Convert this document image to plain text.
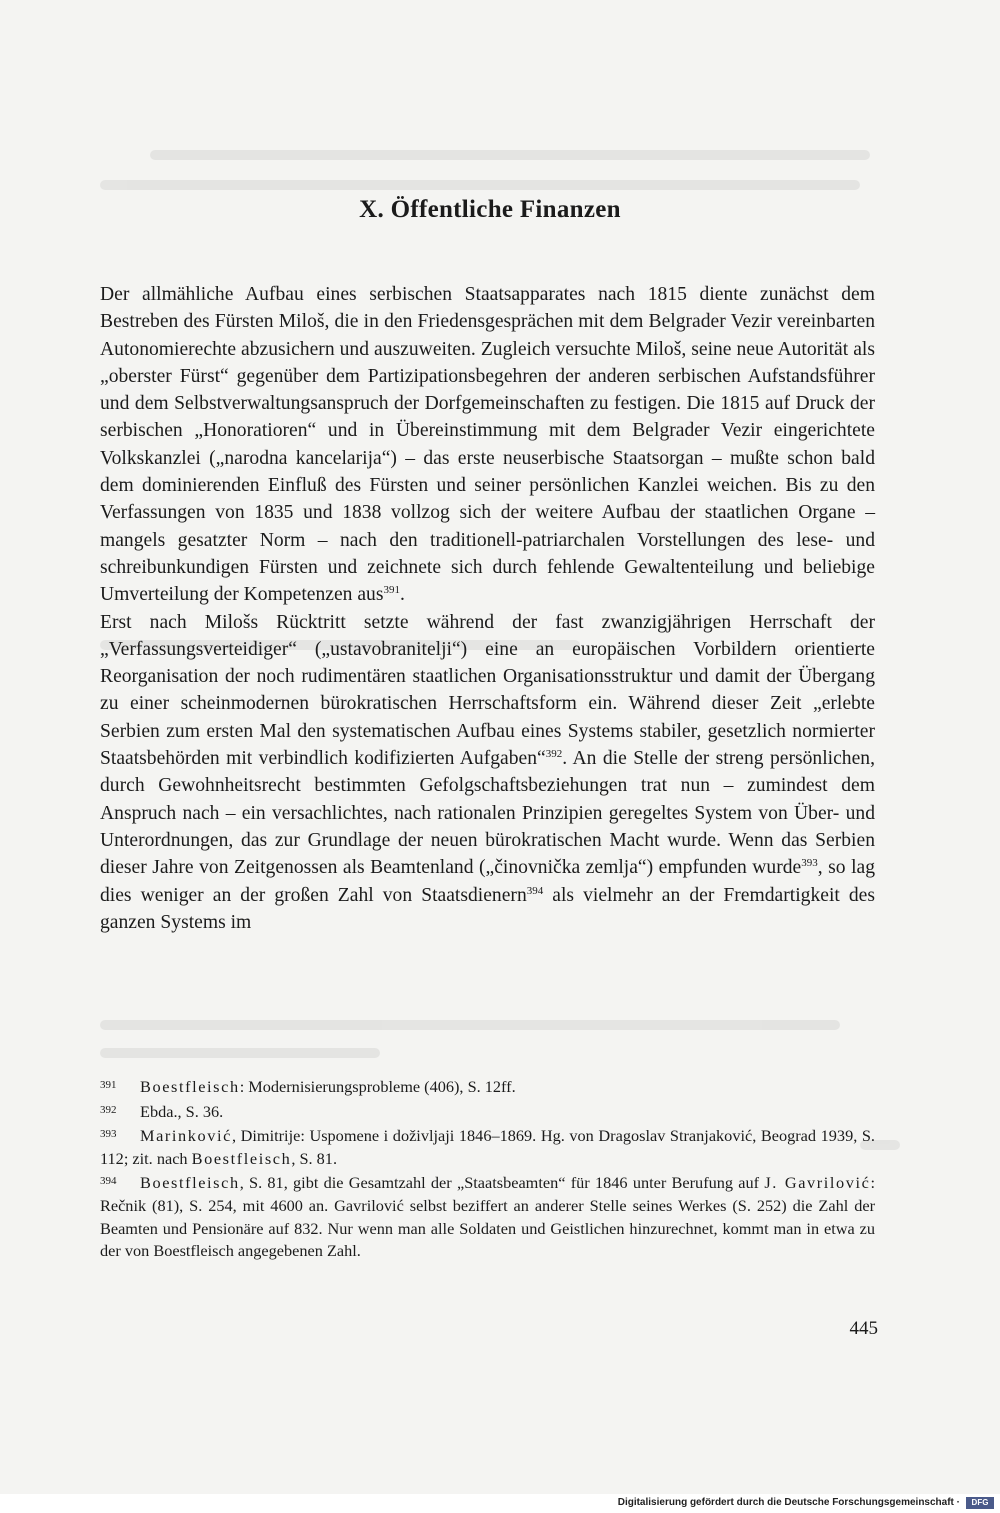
X. Öffentliche Finanzen

Der allmähliche Aufbau eines serbischen Staatsapparates nach 1815 diente zunächst dem Bestreben des Fürsten Miloš, die in den Friedensgesprächen mit dem Belgrader Vezir vereinbarten Autonomierechte abzusichern und auszuweiten. Zugleich versuchte Miloš, seine neue Autorität als „oberster Fürst“ gegenüber dem Partizipationsbegehren der anderen serbischen Aufstandsführer und dem Selbstverwaltungsanspruch der Dorfgemeinschaften zu festigen. Die 1815 auf Druck der serbischen „Honoratioren“ und in Übereinstimmung mit dem Belgrader Vezir eingerichtete Volkskanzlei („narodna kancelarija“) – das erste neuserbische Staatsorgan – mußte schon bald dem dominierenden Einfluß des Fürsten und seiner persönlichen Kanzlei weichen. Bis zu den Verfassungen von 1835 und 1838 vollzog sich der weitere Aufbau der staatlichen Organe – mangels gesatzter Norm – nach den traditionell-patriarchalen Vorstellungen des lese- und schreibunkundigen Fürsten und zeichnete sich durch fehlende Gewaltenteilung und beliebige Umverteilung der Kompetenzen aus$^{391}$.

Erst nach Milošs Rücktritt setzte während der fast zwanzigjährigen Herrschaft der „Verfassungsverteidiger“ („ustavobranitelji“) eine an europäischen Vorbildern orientierte Reorganisation der noch rudimentären staatlichen Organisationsstruktur und damit der Übergang zu einer scheinmodernen bürokratischen Herrschaftsform ein. Während dieser Zeit „erlebte Serbien zum ersten Mal den systematischen Aufbau eines Systems stabiler, gesetzlich normierter Staatsbehörden mit verbindlich kodifizierten Aufgaben“$^{392}$. An die Stelle der streng persönlichen, durch Gewohnheitsrecht bestimmten Gefolgschaftsbeziehungen trat nun – zumindest dem Anspruch nach – ein versachlichtes, nach rationalen Prinzipien geregeltes System von Über- und Unterordnungen, das zur Grundlage der neuen bürokratischen Macht wurde. Wenn das Serbien dieser Jahre von Zeitgenossen als Beamtenland („činovnička zemlja“) empfunden wurde$^{393}$, so lag dies weniger an der großen Zahl von Staatsdienern$^{394}$ als vielmehr an der Fremdartigkeit des ganzen Systems im

391 Boestfleisch: Modernisierungsprobleme (406), S. 12ff.

392 Ebda., S. 36.

393 Marinković, Dimitrije: Uspomene i doživljaji 1846–1869. Hg. von Dragoslav Stranjaković, Beograd 1939, S. 112; zit. nach Boestfleisch, S. 81.

394 Boestfleisch, S. 81, gibt die Gesamtzahl der „Staatsbeamten“ für 1846 unter Berufung auf J. Gavrilović: Rečnik (81), S. 254, mit 4600 an. Gavrilović selbst beziffert an anderer Stelle seines Werkes (S. 252) die Zahl der Beamten und Pensionäre auf 832. Nur wenn man alle Soldaten und Geistlichen hinzurechnet, kommt man in etwa zu der von Boestfleisch angegebenen Zahl.

445
Digitalisierung gefördert durch die Deutsche Forschungsgemeinschaft ·	DFG
